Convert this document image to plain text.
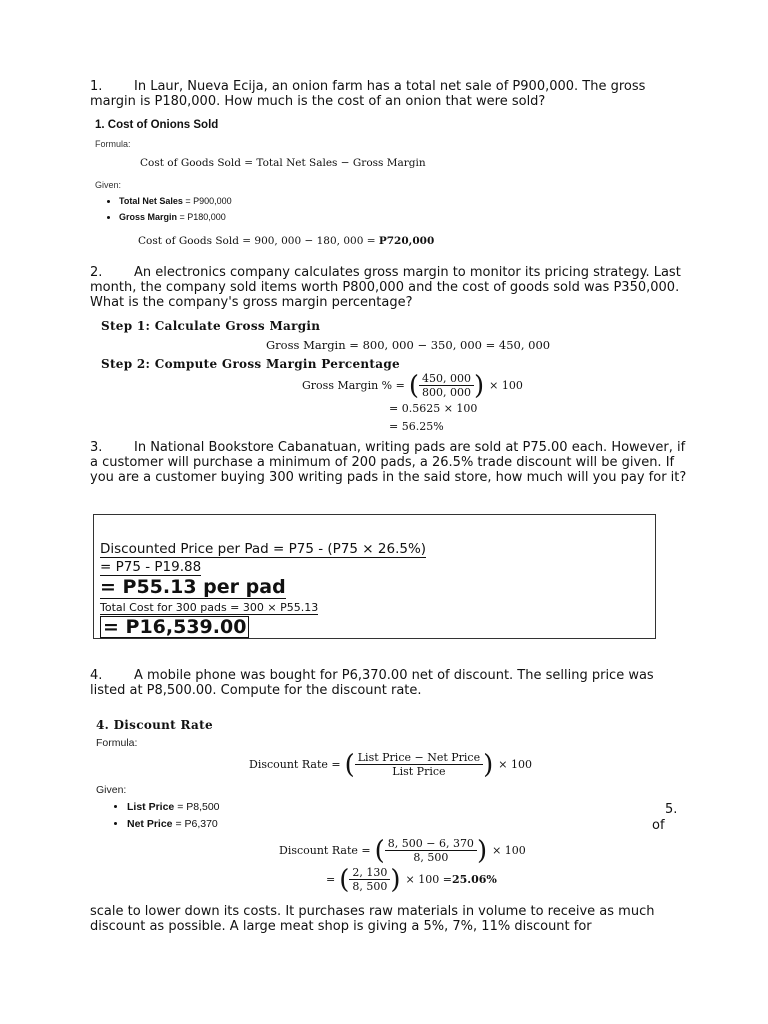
1. In Laur, Nueva Ecija, an onion farm has a total net sale of P900,000. The gross margin is P180,000. How much is the cost of an onion that were sold?
1. Cost of Onions Sold
Formula:
Cost of Goods Sold = Total Net Sales − Gross Margin
Given:
• Total Net Sales = P900,000
• Gross Margin = P180,000
Cost of Goods Sold = 900, 000 − 180, 000 = P720,000
2. An electronics company calculates gross margin to monitor its pricing strategy. Last month, the company sold items worth P800,000 and the cost of goods sold was P350,000. What is the company's gross margin percentage?
Step 1: Calculate Gross Margin
Gross Margin = 800, 000 − 350, 000 = 450, 000
Step 2: Compute Gross Margin Percentage
Gross Margin % = ( $\frac{450, 000}{800, 000}$ ) × 100
= 0.5625 × 100
= 56.25%
3. In National Bookstore Cabanatuan, writing pads are sold at P75.00 each. However, if a customer will purchase a minimum of 200 pads, a 26.5% trade discount will be given. If you are a customer buying 300 writing pads in the said store, how much will you pay for it?
Discounted Price per Pad = P75 - (P75 × 26.5%)
= P75 - P19.88
= P55.13 per pad
Total Cost for 300 pads = 300 × P55.13
= P16,539.00
4. A mobile phone was bought for P6,370.00 net of discount. The selling price was listed at P8,500.00. Compute for the discount rate.
4. Discount Rate
Formula:
Discount Rate = ( $\frac{\text{List Price − Net Price}}{\text{List Price}}$ ) × 100
Given:
• List Price = P8,500
• Net Price = P6,370
Discount Rate = ( $\frac{8, 500 - 6, 370}{8, 500}$ ) × 100
= ( $\frac{2, 130}{8, 500}$ ) × 100 = 25.06%
5.
of
scale to lower down its costs. It purchases raw materials in volume to receive as much discount as possible. A large meat shop is giving a 5%, 7%, 11% discount for
